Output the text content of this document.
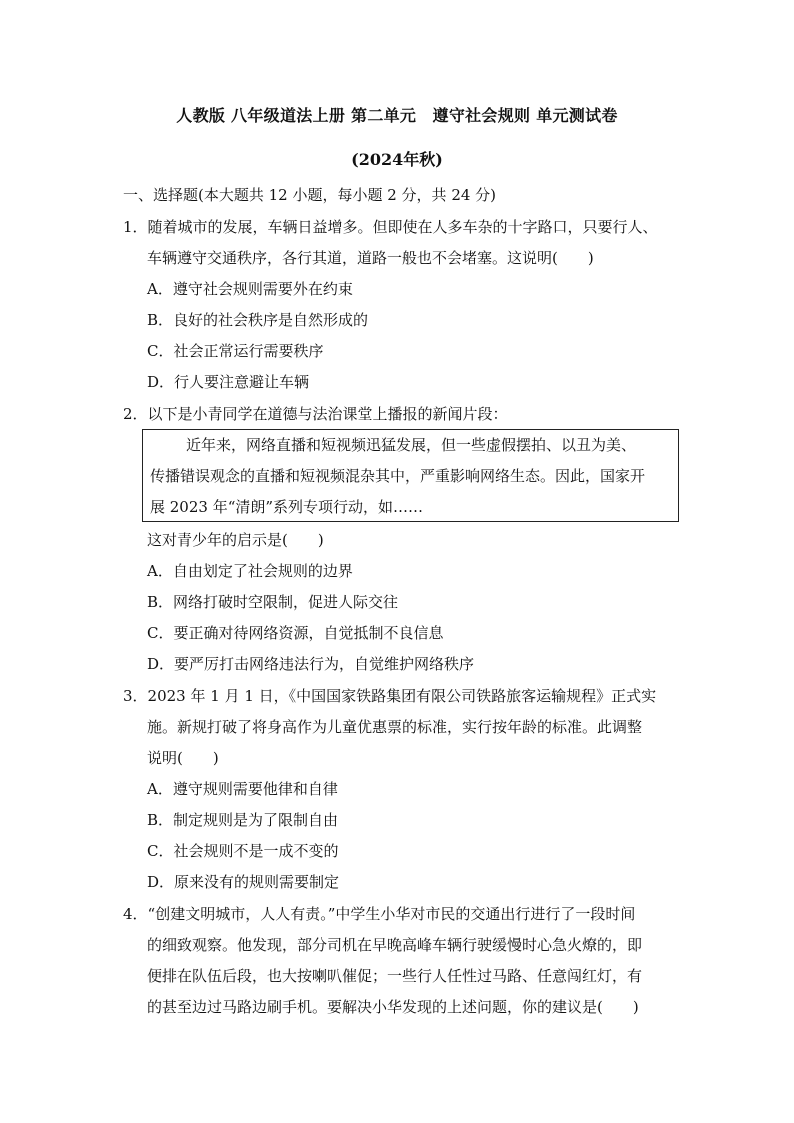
人教版 八年级道法上册 第二单元　遵守社会规则 单元测试卷
(2024年秋)
一、选择题(本大题共 12 小题，每小题 2 分，共 24 分)
1．随着城市的发展，车辆日益增多。但即使在人多车杂的十字路口，只要行人、
车辆遵守交通秩序，各行其道，道路一般也不会堵塞。这说明(　　)
A．遵守社会规则需要外在约束
B．良好的社会秩序是自然形成的
C．社会正常运行需要秩序
D．行人要注意避让车辆
2．以下是小青同学在道德与法治课堂上播报的新闻片段：
近年来，网络直播和短视频迅猛发展，但一些虚假摆拍、以丑为美、
传播错误观念的直播和短视频混杂其中，严重影响网络生态。因此，国家开
展 2023 年“清朗”系列专项行动，如……
这对青少年的启示是(　　)
A．自由划定了社会规则的边界
B．网络打破时空限制，促进人际交往
C．要正确对待网络资源，自觉抵制不良信息
D．要严厉打击网络违法行为，自觉维护网络秩序
3．2023 年 1 月 1 日，《中国国家铁路集团有限公司铁路旅客运输规程》正式实
施。新规打破了将身高作为儿童优惠票的标准，实行按年龄的标准。此调整
说明(　　)
A．遵守规则需要他律和自律
B．制定规则是为了限制自由
C．社会规则不是一成不变的
D．原来没有的规则需要制定
4．“创建文明城市，人人有责。”中学生小华对市民的交通出行进行了一段时间
的细致观察。他发现，部分司机在早晚高峰车辆行驶缓慢时心急火燎的，即
便排在队伍后段，也大按喇叭催促；一些行人任性过马路、任意闯红灯，有
的甚至边过马路边刷手机。要解决小华发现的上述问题，你的建议是(　　)
